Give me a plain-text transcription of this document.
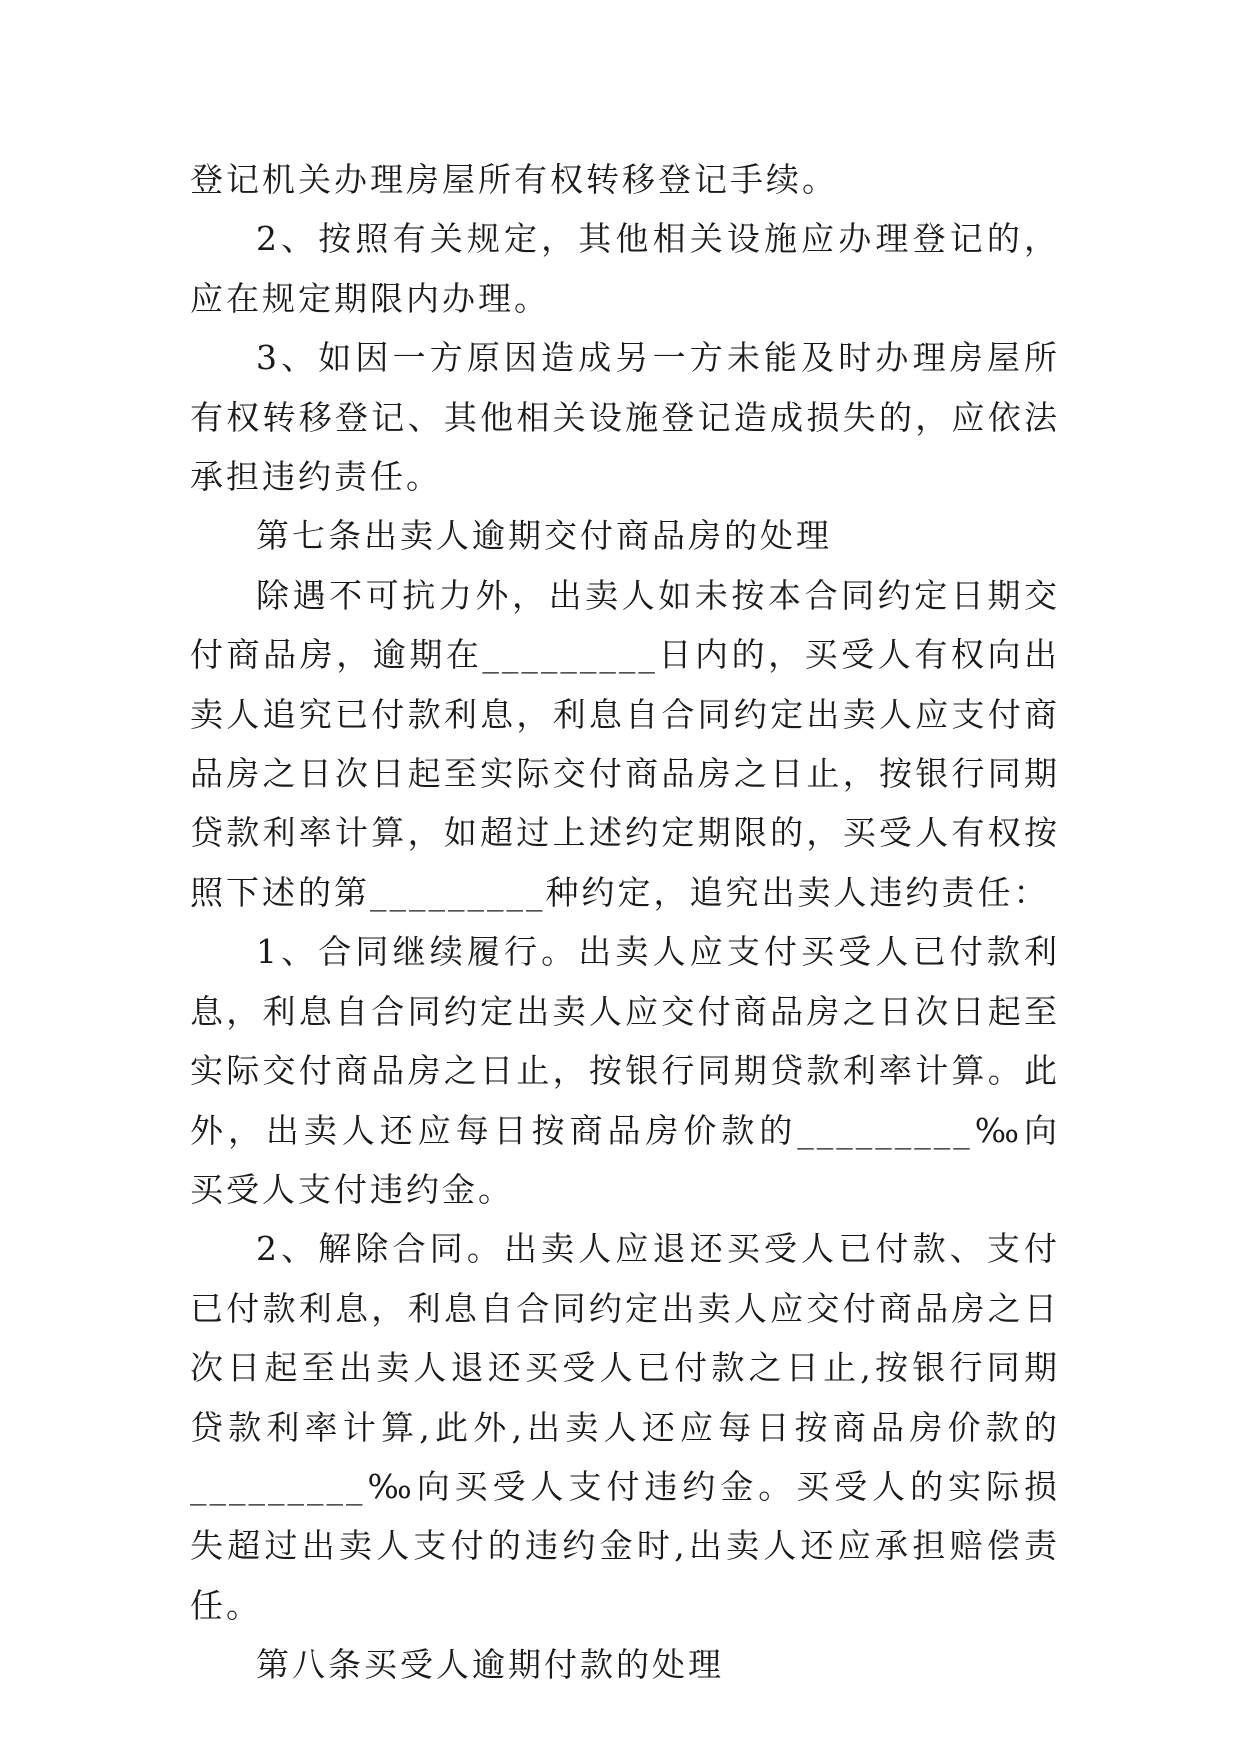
登记机关办理房屋所有权转移登记手续。

2、按照有关规定，其他相关设施应办理登记的，应在规定期限内办理。

3、如因一方原因造成另一方未能及时办理房屋所有权转移登记、其他相关设施登记造成损失的，应依法承担违约责任。

第七条出卖人逾期交付商品房的处理

除遇不可抗力外，出卖人如未按本合同约定日期交付商品房，逾期在_________日内的，买受人有权向出卖人追究已付款利息，利息自合同约定出卖人应支付商品房之日次日起至实际交付商品房之日止，按银行同期贷款利率计算，如超过上述约定期限的，买受人有权按照下述的第_________种约定，追究出卖人违约责任：

1、合同继续履行。出卖人应支付买受人已付款利息，利息自合同约定出卖人应交付商品房之日次日起至实际交付商品房之日止，按银行同期贷款利率计算。此外，出卖人还应每日按商品房价款的_________‰向买受人支付违约金。

2、解除合同。出卖人应退还买受人已付款、支付已付款利息，利息自合同约定出卖人应交付商品房之日次日起至出卖人退还买受人已付款之日止,按银行同期贷款利率计算,此外,出卖人还应每日按商品房价款的_________‰向买受人支付违约金。买受人的实际损失超过出卖人支付的违约金时,出卖人还应承担赔偿责任。

第八条买受人逾期付款的处理
